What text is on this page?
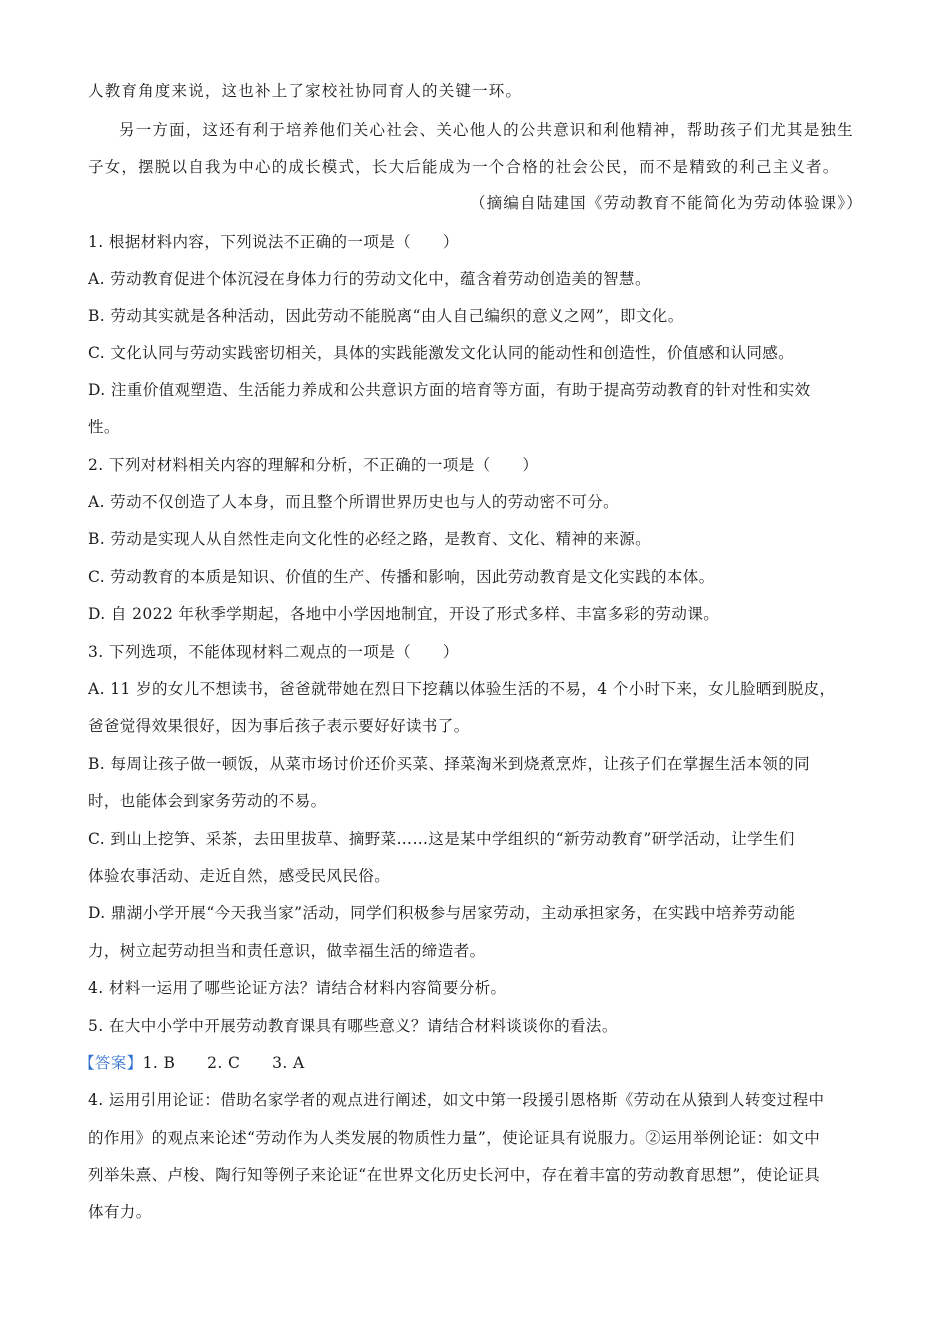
人教育角度来说，这也补上了家校社协同育人的关键一环。
另一方面，这还有利于培养他们关心社会、关心他人的公共意识和利他精神，帮助孩子们尤其是独生
子女，摆脱以自我为中心的成长模式，长大后能成为一个合格的社会公民，而不是精致的利己主义者。
（摘编自陆建国《劳动教育不能简化为劳动体验课》）
1. 根据材料内容，下列说法不正确的一项是（　　）
A. 劳动教育促进个体沉浸在身体力行的劳动文化中，蕴含着劳动创造美的智慧。
B. 劳动其实就是各种活动，因此劳动不能脱离“由人自己编织的意义之网”，即文化。
C. 文化认同与劳动实践密切相关，具体的实践能激发文化认同的能动性和创造性，价值感和认同感。
D. 注重价值观塑造、生活能力养成和公共意识方面的培育等方面，有助于提高劳动教育的针对性和实效
性。
2. 下列对材料相关内容的理解和分析，不正确的一项是（　　）
A. 劳动不仅创造了人本身，而且整个所谓世界历史也与人的劳动密不可分。
B. 劳动是实现人从自然性走向文化性的必经之路，是教育、文化、精神的来源。
C. 劳动教育的本质是知识、价值的生产、传播和影响，因此劳动教育是文化实践的本体。
D. 自 2022 年秋季学期起，各地中小学因地制宜，开设了形式多样、丰富多彩的劳动课。
3. 下列选项，不能体现材料二观点的一项是（　　）
A. 11 岁的女儿不想读书，爸爸就带她在烈日下挖藕以体验生活的不易，4 个小时下来，女儿脸晒到脱皮，
爸爸觉得效果很好，因为事后孩子表示要好好读书了。
B. 每周让孩子做一顿饭，从菜市场讨价还价买菜、择菜淘米到烧煮烹炸，让孩子们在掌握生活本领的同
时，也能体会到家务劳动的不易。
C. 到山上挖笋、采茶，去田里拔草、摘野菜……这是某中学组织的“新劳动教育”研学活动，让学生们
体验农事活动、走近自然，感受民风民俗。
D. 鼎湖小学开展“今天我当家”活动，同学们积极参与居家劳动，主动承担家务，在实践中培养劳动能
力，树立起劳动担当和责任意识，做幸福生活的缔造者。
4. 材料一运用了哪些论证方法？请结合材料内容简要分析。
5. 在大中小学中开展劳动教育课具有哪些意义？请结合材料谈谈你的看法。
【答案】1. B　　2. C　　3. A
4. 运用引用论证：借助名家学者的观点进行阐述，如文中第一段援引恩格斯《劳动在从猿到人转变过程中
的作用》的观点来论述“劳动作为人类发展的物质性力量”，使论证具有说服力。②运用举例论证：如文中
列举朱熹、卢梭、陶行知等例子来论证“在世界文化历史长河中，存在着丰富的劳动教育思想”，使论证具
体有力。
